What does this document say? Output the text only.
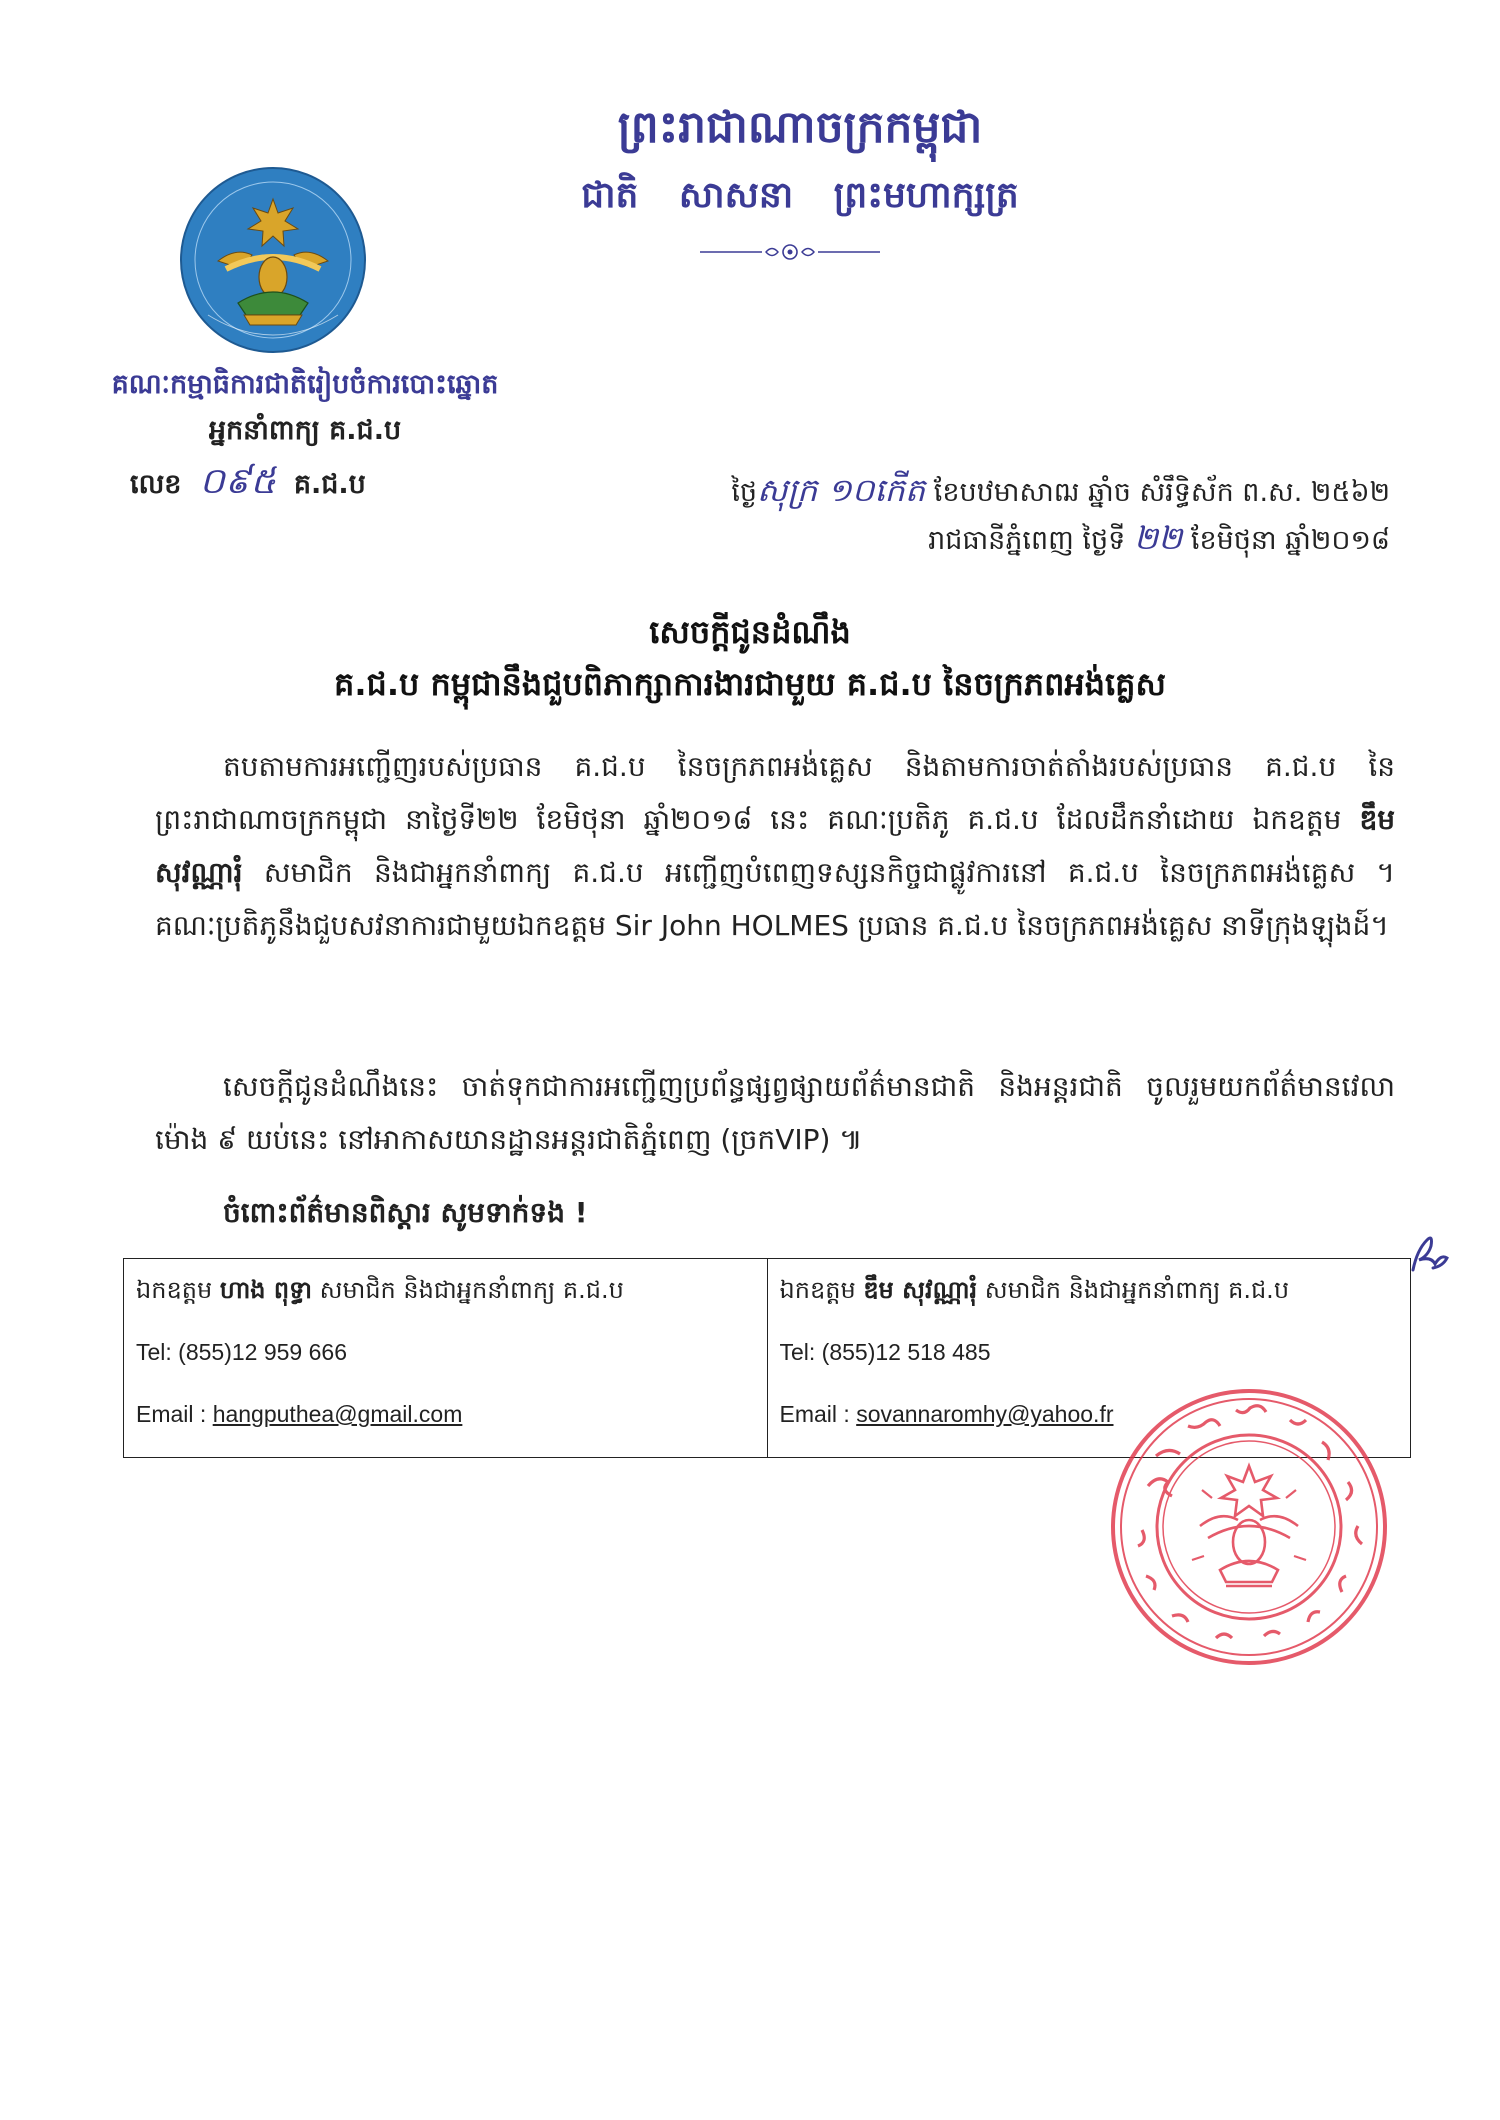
ព្រះរាជាណាចក្រកម្ពុជា
ជាតិ សាសនា ព្រះមហាក្សត្រ
គណៈកម្មាធិការជាតិរៀបចំការបោះឆ្នោត
អ្នកនាំពាក្យ គ.ជ.ប
លេខ ០៩៥ គ.ជ.ប	ថ្ងៃសុក្រ ១០កើត ខែបឋមាសាឍ ឆ្នាំច សំរឹទ្ធិស័ក ព.ស. ២៥៦២
រាជធានីភ្នំពេញ ថ្ងៃទី ២២ ខែមិថុនា ឆ្នាំ២០១៨
សេចក្ដីជូនដំណឹង
គ.ជ.ប កម្ពុជានឹងជួបពិភាក្សាការងារជាមួយ គ.ជ.ប នៃចក្រភពអង់គ្លេស
តបតាមការអញ្ជើញរបស់ប្រធាន គ.ជ.ប នៃចក្រភពអង់គ្លេស និងតាមការចាត់តាំងរបស់ប្រធាន គ.ជ.ប នៃព្រះរាជាណាចក្រកម្ពុជា នាថ្ងៃទី២២ ខែមិថុនា ឆ្នាំ២០១៨ នេះ គណៈប្រតិភូ គ.ជ.ប ដែលដឹកនាំដោយ ឯកឧត្តម ឌឹម សុវណ្ណារុំ សមាជិក និងជាអ្នកនាំពាក្យ គ.ជ.ប អញ្ជើញបំពេញទស្សនកិច្ចជាផ្លូវការនៅ គ.ជ.ប នៃចក្រភពអង់គ្លេស ។ គណៈប្រតិភូនឹងជួបសវនាការជាមួយឯកឧត្តម Sir John HOLMES ប្រធាន គ.ជ.ប នៃចក្រភពអង់គ្លេស នាទីក្រុងឡុងដ៍។
សេចក្ដីជូនដំណឹងនេះ ចាត់ទុកជាការអញ្ជើញប្រព័ន្ធផ្សព្វផ្សាយព័ត៌មានជាតិ និងអន្តរជាតិ ចូលរួមយកព័ត៌មានវេលាម៉ោង ៩ យប់នេះ នៅអាកាសយានដ្ឋានអន្តរជាតិភ្នំពេញ (ច្រកVIP) ៕
ចំពោះព័ត៌មានពិស្តារ សូមទាក់ទង !
ឯកឧត្តម ហាង ពុទ្ធា សមាជិក និងជាអ្នកនាំពាក្យ គ.ជ.ប
Tel: (855)12 959 666
Email : hangputhea@gmail.com
ឯកឧត្តម ឌឹម សុវណ្ណារុំ សមាជិក និងជាអ្នកនាំពាក្យ គ.ជ.ប
Tel: (855)12 518 485
Email : sovannaromhy@yahoo.fr
